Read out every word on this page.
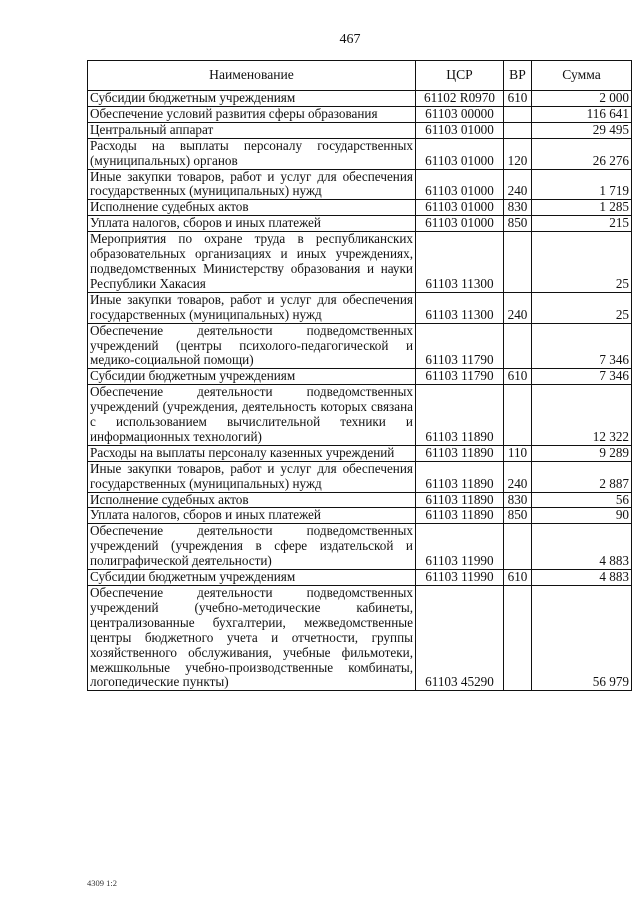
467
Наименование	ЦСР	ВР	Сумма
Субсидии бюджетным учреждениям	61102 R0970	610	2 000
Обеспечение условий развития сферы образования	61103 00000		116 641
Центральный аппарат	61103 01000		29 495
Расходы на выплаты персоналу государственных (муниципальных) органов	61103 01000	120	26 276
Иные закупки товаров, работ и услуг для обеспечения государственных (муниципальных) нужд	61103 01000	240	1 719
Исполнение судебных актов	61103 01000	830	1 285
Уплата налогов, сборов и иных платежей	61103 01000	850	215
Мероприятия по охране труда в республиканских образовательных организациях и иных учреждениях, подведомственных Министерству образования и науки Республики Хакасия	61103 11300		25
Иные закупки товаров, работ и услуг для обеспечения государственных (муниципальных) нужд	61103 11300	240	25
Обеспечение деятельности подведомственных учреждений (центры психолого-педагогической и медико-социальной помощи)	61103 11790		7 346
Субсидии бюджетным учреждениям	61103 11790	610	7 346
Обеспечение деятельности подведомственных учреждений (учреждения, деятельность которых связана с использованием вычислительной техники и информационных технологий)	61103 11890		12 322
Расходы на выплаты персоналу казенных учреждений	61103 11890	110	9 289
Иные закупки товаров, работ и услуг для обеспечения государственных (муниципальных) нужд	61103 11890	240	2 887
Исполнение судебных актов	61103 11890	830	56
Уплата налогов, сборов и иных платежей	61103 11890	850	90
Обеспечение деятельности подведомственных учреждений (учреждения в сфере издательской и полиграфической деятельности)	61103 11990		4 883
Субсидии бюджетным учреждениям	61103 11990	610	4 883
Обеспечение деятельности подведомственных учреждений (учебно-методические кабинеты, централизованные бухгалтерии, межведомственные центры бюджетного учета и отчетности, группы хозяйственного обслуживания, учебные фильмотеки, межшкольные учебно-производственные комбинаты, логопедические пункты)	61103 45290		56 979
4309 1:2
